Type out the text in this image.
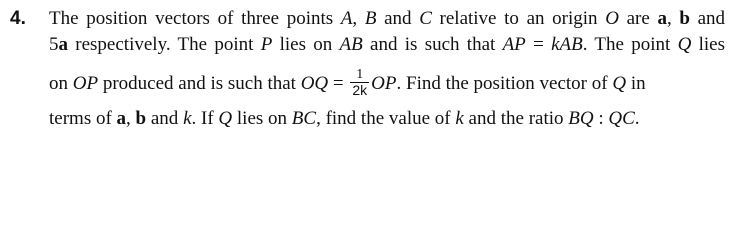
4. The position vectors of three points A, B and C relative to an origin O are a, b and
5a respectively. The point P lies on AB and is such that AP = kAB. The point Q lies
on OP produced and is such that OQ = $\frac{1}{2k}$ OP. Find the position vector of Q in
terms of a, b and k. If Q lies on BC, find the value of k and the ratio BQ : QC.
